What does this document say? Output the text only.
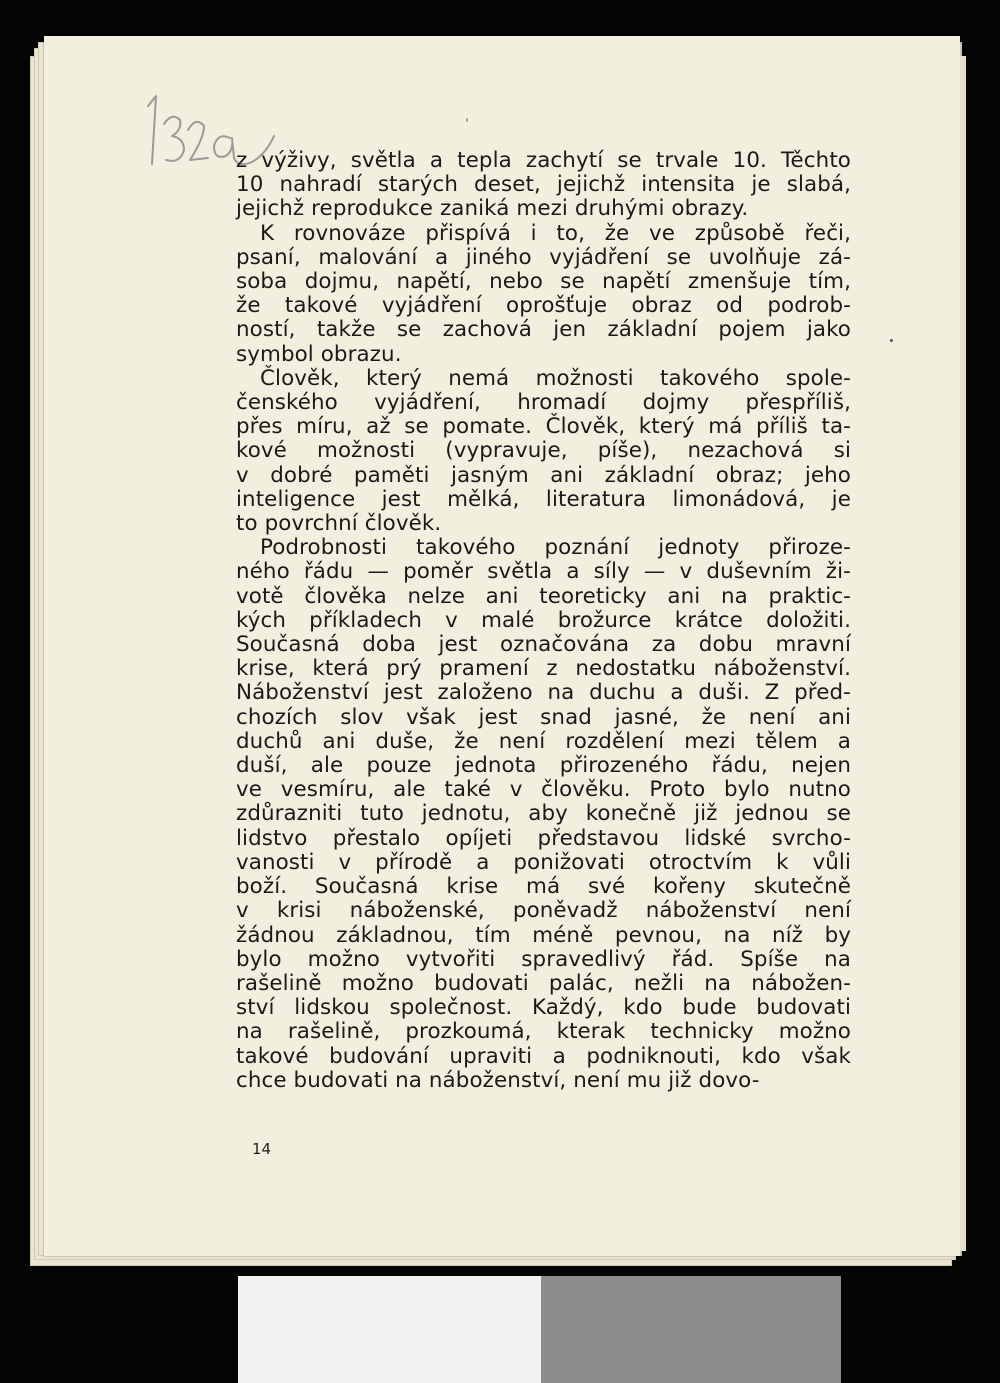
z výživy, světla a tepla zachytí se trvale 10. Těchto
10 nahradí starých deset, jejichž intensita je slabá,
jejichž reprodukce zaniká mezi druhými obrazy.

K rovnováze přispívá i to, že ve způsobě řeči,
psaní, malování a jiného vyjádření se uvolňuje zá-
soba dojmu, napětí, nebo se napětí zmenšuje tím,
že takové vyjádření oprošťuje obraz od podrob-
ností, takže se zachová jen základní pojem jako
symbol obrazu.

Člověk, který nemá možnosti takového spole-
čenského vyjádření, hromadí dojmy přespříliš,
přes míru, až se pomate. Člověk, který má příliš ta-
kové možnosti (vypravuje, píše), nezachová si
v dobré paměti jasným ani základní obraz; jeho
inteligence jest mělká, literatura limonádová, je
to povrchní člověk.

Podrobnosti takového poznání jednoty přiroze-
ného řádu — poměr světla a síly — v duševním ži-
votě člověka nelze ani teoreticky ani na praktic-
kých příkladech v malé brožurce krátce doložiti.
Současná doba jest označována za dobu mravní
krise, která prý pramení z nedostatku náboženství.
Náboženství jest založeno na duchu a duši. Z před-
chozích slov však jest snad jasné, že není ani
duchů ani duše, že není rozdělení mezi tělem a
duší, ale pouze jednota přirozeného řádu, nejen
ve vesmíru, ale také v člověku. Proto bylo nutno
zdůrazniti tuto jednotu, aby konečně již jednou se
lidstvo přestalo opíjeti představou lidské svrcho-
vanosti v přírodě a ponižovati otroctvím k vůli
boží. Současná krise má své kořeny skutečně
v krisi náboženské, poněvadž náboženství není
žádnou základnou, tím méně pevnou, na níž by
bylo možno vytvořiti spravedlivý řád. Spíše na
rašelině možno budovati palác, nežli na nábožen-
ství lidskou společnost. Každý, kdo bude budovati
na rašelině, prozkoumá, kterak technicky možno
takové budování upraviti a podniknouti, kdo však
chce budovati na náboženství, není mu již dovo-

14
